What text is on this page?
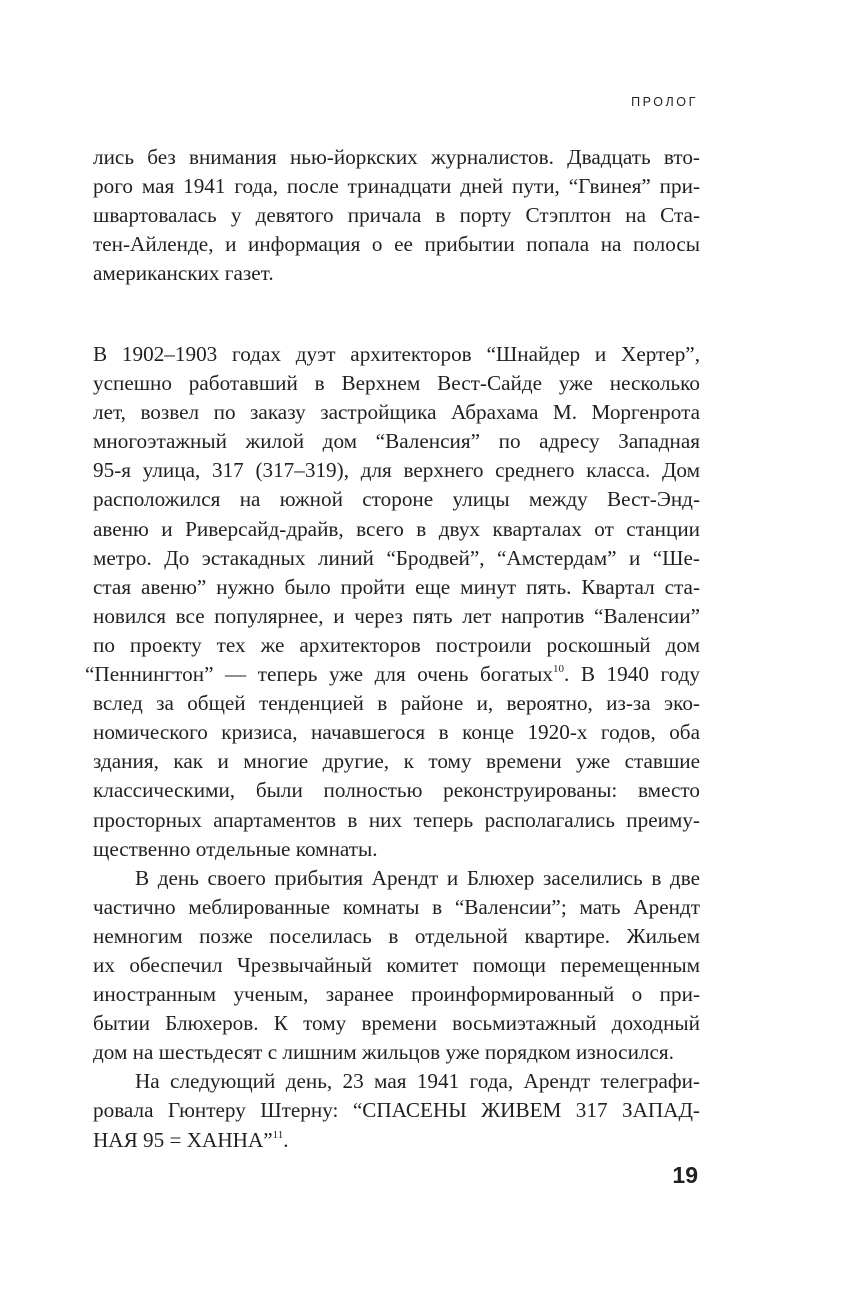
ПРОЛОГ
лись без внимания нью-йоркских журналистов. Двадцать вто-
рого мая 1941 года, после тринадцати дней пути, “Гвинея” при-
швартовалась у девятого причала в порту Стэплтон на Ста-
тен-Айленде, и информация о ее прибытии попала на полосы
американских газет.
В 1902–1903 годах дуэт архитекторов “Шнайдер и Хертер”,
успешно работавший в Верхнем Вест-Сайде уже несколько
лет, возвел по заказу застройщика Абрахама М. Моргенрота
многоэтажный жилой дом “Валенсия” по адресу Западная
95-я улица, 317 (317–319), для верхнего среднего класса. Дом
расположился на южной стороне улицы между Вест-Энд-
авеню и Риверсайд-драйв, всего в двух кварталах от станции
метро. До эстакадных линий “Бродвей”, “Амстердам” и “Ше-
стая авеню” нужно было пройти еще минут пять. Квартал ста-
новился все популярнее, и через пять лет напротив “Валенсии”
по проекту тех же архитекторов построили роскошный дом
“Пеннингтон” — теперь уже для очень богатых$^{10}$. В 1940 году
вслед за общей тенденцией в районе и, вероятно, из-за эко-
номического кризиса, начавшегося в конце 1920-х годов, оба
здания, как и многие другие, к тому времени уже ставшие
классическими, были полностью реконструированы: вместо
просторных апартаментов в них теперь располагались преиму-
щественно отдельные комнаты.
В день своего прибытия Арендт и Блюхер заселились в две
частично меблированные комнаты в “Валенсии”; мать Арендт
немногим позже поселилась в отдельной квартире. Жильем
их обеспечил Чрезвычайный комитет помощи перемещенным
иностранным ученым, заранее проинформированный о при-
бытии Блюхеров. К тому времени восьмиэтажный доходный
дом на шестьдесят с лишним жильцов уже порядком износился.
На следующий день, 23 мая 1941 года, Арендт телеграфи-
ровала Гюнтеру Штерну: “СПАСЕНЫ ЖИВЕМ 317 ЗАПАД-
НАЯ 95 = ХАННА”$^{11}$.
19
